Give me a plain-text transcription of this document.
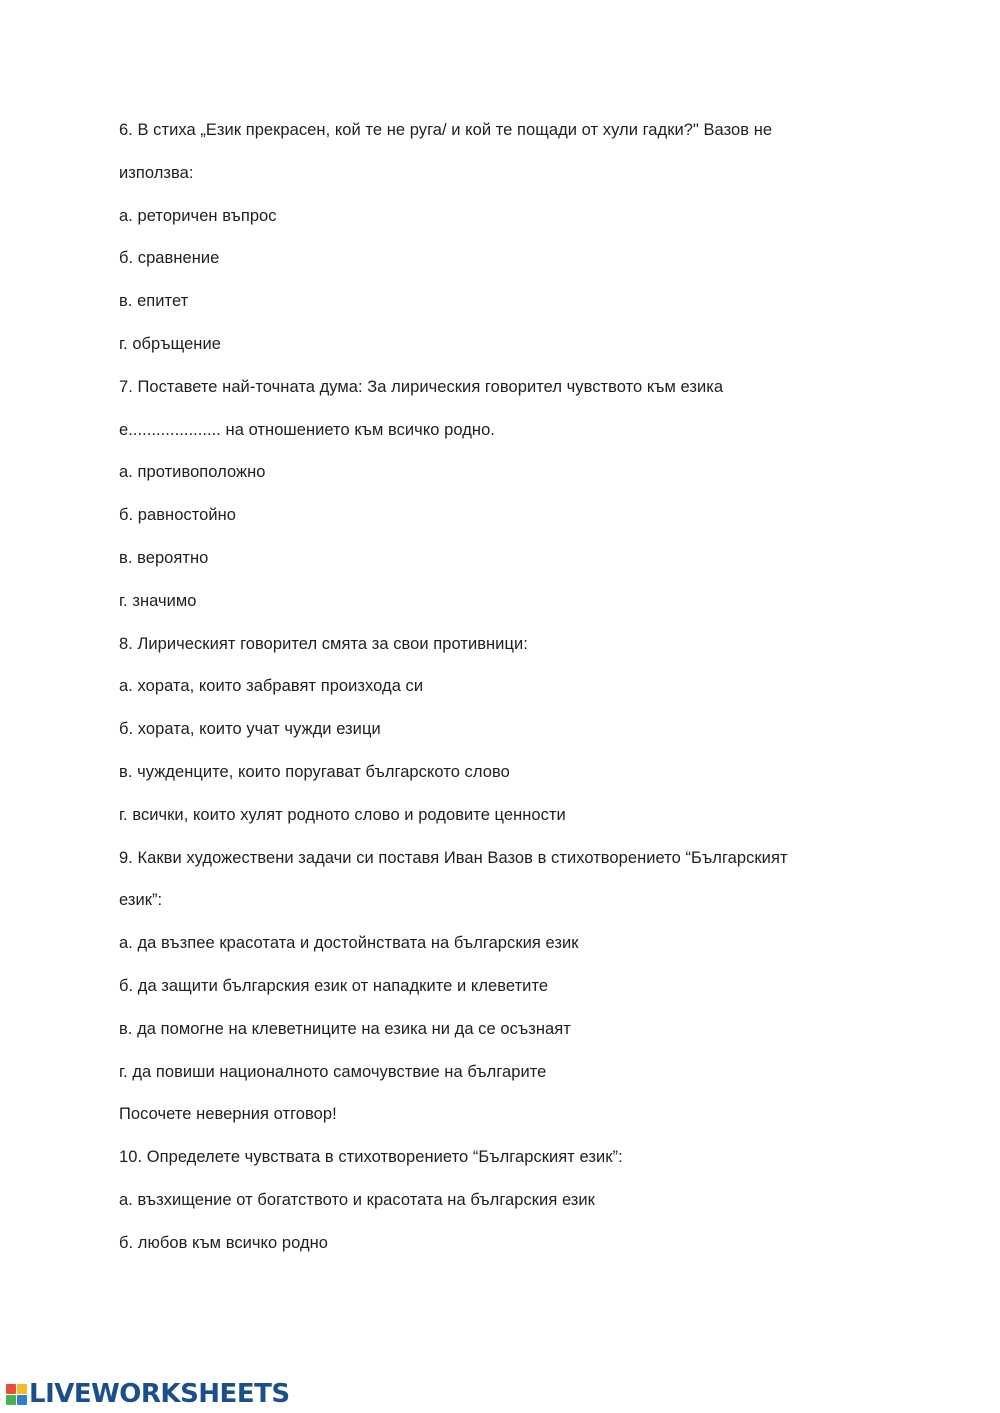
6. В стиха „Език прекрасен, кой те не руга/ и кой те пощади от хули гадки?" Вазов не
използва:
а. реторичен въпрос
б. сравнение
в. епитет
г. обръщение
7. Поставете най-точната дума: За лирическия говорител чувството към езика
е.................... на отношението към всичко родно.
а. противоположно
б. равностойно
в. вероятно
г. значимо
8. Лирическият говорител смята за свои противници:
а. хората, които забравят произхода си
б. хората, които учат чужди езици
в. чужденците, които поругават българското слово
г. всички, които хулят родното слово и родовите ценности
9. Какви художествени задачи си поставя Иван Вазов в стихотворението “Българският
език”:
а. да възпее красотата и достойнствата на българския език
б. да защити българския език от нападките и клеветите
в. да помогне на клеветниците на езика ни да се осъзнаят
г. да повиши националното самочувствие на българите
Посочете неверния отговор!
10. Определете чувствата в стихотворението “Българският език”:
а. възхищение от богатството и красотата на българския език
б. любов към всичко родно
LIVEWORKSHEETS
